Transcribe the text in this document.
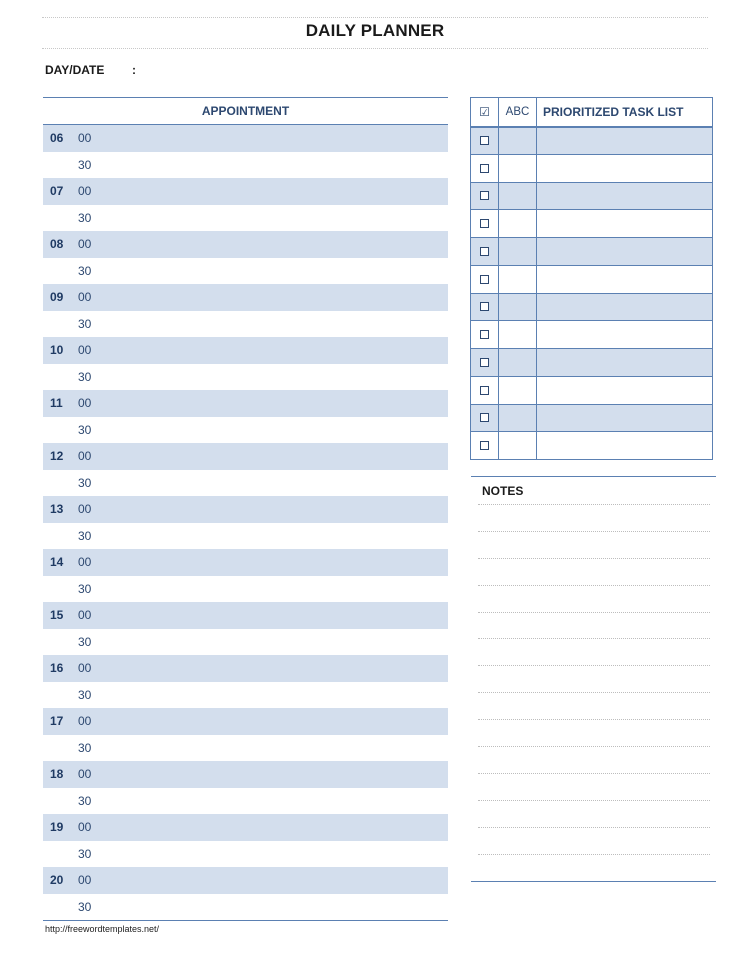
DAILY PLANNER
DAY/DATE :
APPOINTMENT
06	00
30
07	00
30
08	00
30
09	00
30
10	00
30
11	00
30
12	00
30
13	00
30
14	00
30
15	00
30
16	00
30
17	00
30
18	00
30
19	00
30
20	00
30
http://freewordtemplates.net/
☑	ABC	PRIORITIZED TASK LIST
NOTES
